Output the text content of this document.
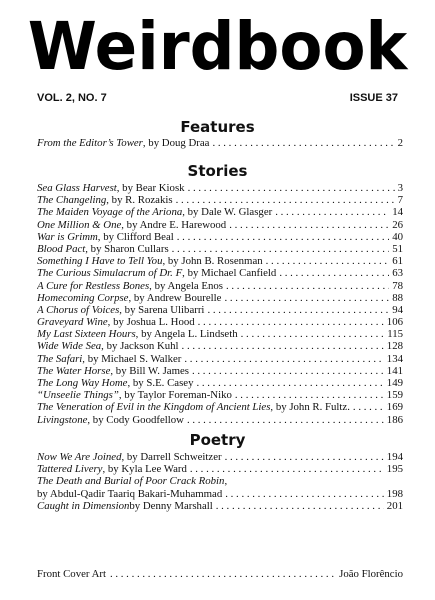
Weirdbook
VOL. 2, NO. 7	ISSUE 37
Features
From the Editor’s Tower , by Doug Draa . . .	2
Stories
Sea Glass Harvest , by Bear Kiosk . . .	3
The Changeling , by R. Rozakis . . .	7
The Maiden Voyage of the Ariona , by Dale W. Glasger . . .	14
One Million & One , by Andre E. Harewood . . .	26
War is Grimm , by Clifford Beal . . .	40
Blood Pact , by Sharon Cullars . . .	51
Something I Have to Tell You , by John B. Rosenman . . .	61
The Curious Simulacrum of Dr. F , by Michael Canfield . . .	63
A Cure for Restless Bones , by Angela Enos . . .	78
Homecoming Corpse , by Andrew Bourelle . . .	88
A Chorus of Voices , by Sarena Ulibarri . . .	94
Graveyard Wine , by Joshua L. Hood . . .	106
My Last Sixteen Hours , by Angela L. Lindseth . . .	115
Wide Wide Sea , by Jackson Kuhl . . .	128
The Safari , by Michael S. Walker . . .	134
The Water Horse , by Bill W. James . . .	141
The Long Way Home , by S.E. Casey . . .	149
“Unseelie Things” , by Taylor Foreman-Niko . . .	159
The Veneration of Evil in the Kingdom of Ancient Lies , by John R. Fultz. . . .	169
Livingstone , by Cody Goodfellow . . .	186
Poetry
Now We Are Joined , by Darrell Schweitzer . . .	194
Tattered Livery , by Kyla Lee Ward . . .	195
The Death and Burial of Poor Crack Robin,
by Abdul-Qadir Taariq Bakari-Muhammad . . .	198
Caught in Dimension by Denny Marshall . . .	201
Front Cover Art . . .	João Florêncio
